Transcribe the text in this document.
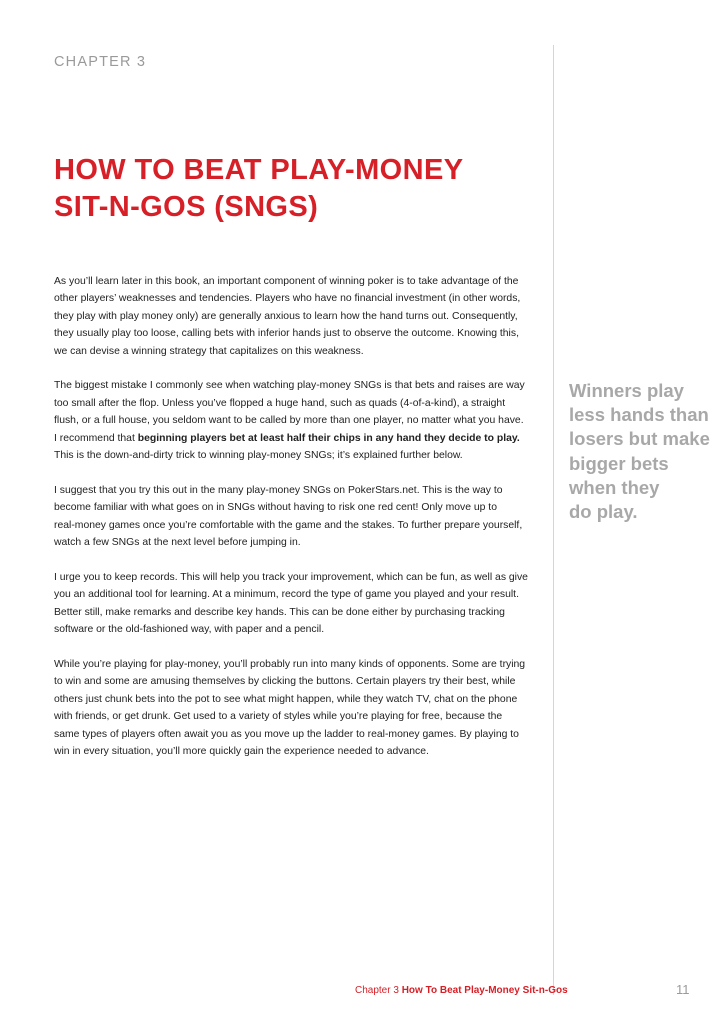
CHAPTER 3
HOW TO BEAT PLAY-MONEY
SIT-N-GOS (SNGS)

As you’ll learn later in this book, an important component of winning poker is to take advantage of the
other players’ weaknesses and tendencies. Players who have no financial investment (in other words,
they play with play money only) are generally anxious to learn how the hand turns out. Consequently,
they usually play too loose, calling bets with inferior hands just to observe the outcome. Knowing this,
we can devise a winning strategy that capitalizes on this weakness.

The biggest mistake I commonly see when watching play-money SNGs is that bets and raises are way
too small after the flop. Unless you’ve flopped a huge hand, such as quads (4-of-a-kind), a straight
flush, or a full house, you seldom want to be called by more than one player, no matter what you have.
I recommend that beginning players bet at least half their chips in any hand they decide to play.
This is the down-and-dirty trick to winning play-money SNGs; it’s explained further below.

I suggest that you try this out in the many play-money SNGs on PokerStars.net. This is the way to
become familiar with what goes on in SNGs without having to risk one red cent! Only move up to
real-money games once you’re comfortable with the game and the stakes. To further prepare yourself,
watch a few SNGs at the next level before jumping in.

I urge you to keep records. This will help you track your improvement, which can be fun, as well as give
you an additional tool for learning. At a minimum, record the type of game you played and your result.
Better still, make remarks and describe key hands. This can be done either by purchasing tracking
software or the old-fashioned way, with paper and a pencil.

While you’re playing for play-money, you’ll probably run into many kinds of opponents. Some are trying
to win and some are amusing themselves by clicking the buttons. Certain players try their best, while
others just chunk bets into the pot to see what might happen, while they watch TV, chat on the phone
with friends, or get drunk. Get used to a variety of styles while you’re playing for free, because the
same types of players often await you as you move up the ladder to real-money games. By playing to
win in every situation, you’ll more quickly gain the experience needed to advance.

Winners play
less hands than
losers but make
bigger bets
when they
do play.
Chapter 3 How To Beat Play-Money Sit-n-Gos	11
